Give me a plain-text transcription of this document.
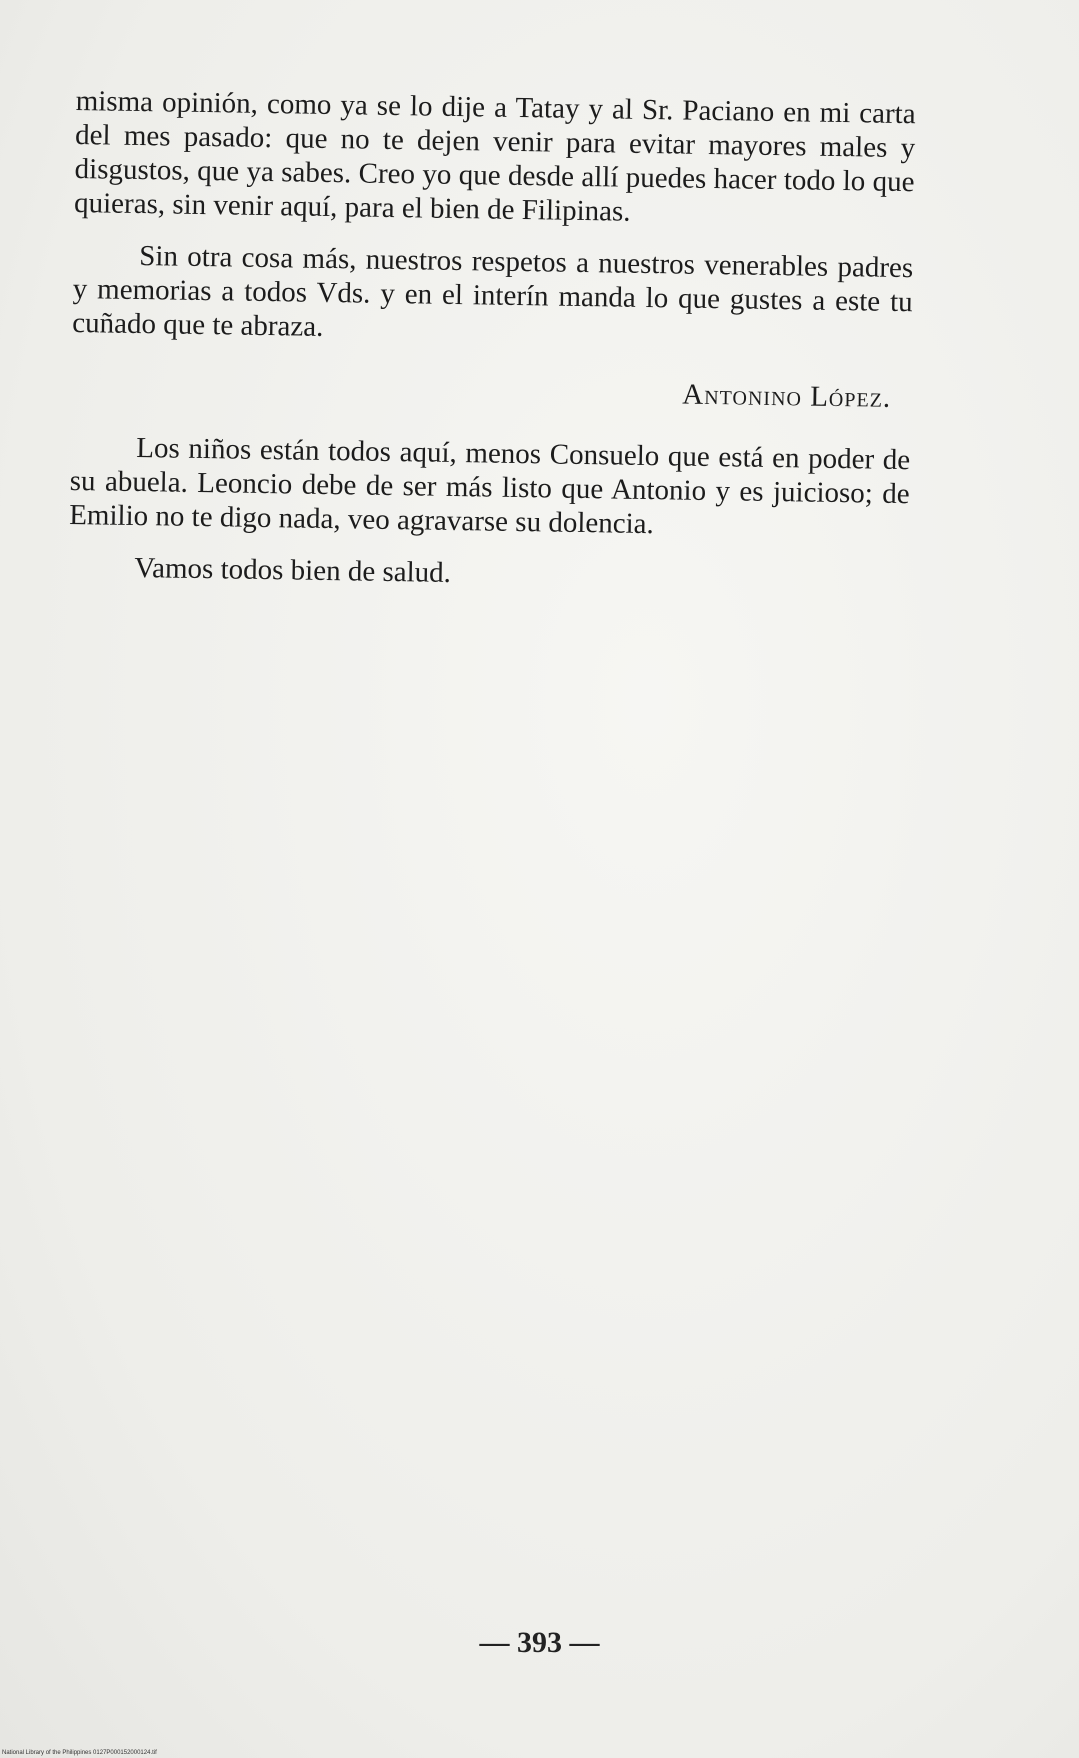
misma opinión, como ya se lo dije a Tatay y al Sr. Paciano en mi carta del mes pasado: que no te dejen venir para evitar mayores males y disgustos, que ya sabes. Creo yo que desde allí puedes hacer todo lo que quieras, sin venir aquí, para el bien de Filipinas.

Sin otra cosa más, nuestros respetos a nuestros venerables padres y memorias a todos Vds. y en el interín manda lo que gustes a este tu cuñado que te abraza.

Antonino López.

Los niños están todos aquí, menos Consuelo que está en poder de su abuela. Leoncio debe de ser más listo que Antonio y es juicioso; de Emilio no te digo nada, veo agravarse su dolencia.

Vamos todos bien de salud.

— 393 —
National Library of the Philippines 0127P000152000124.tif
